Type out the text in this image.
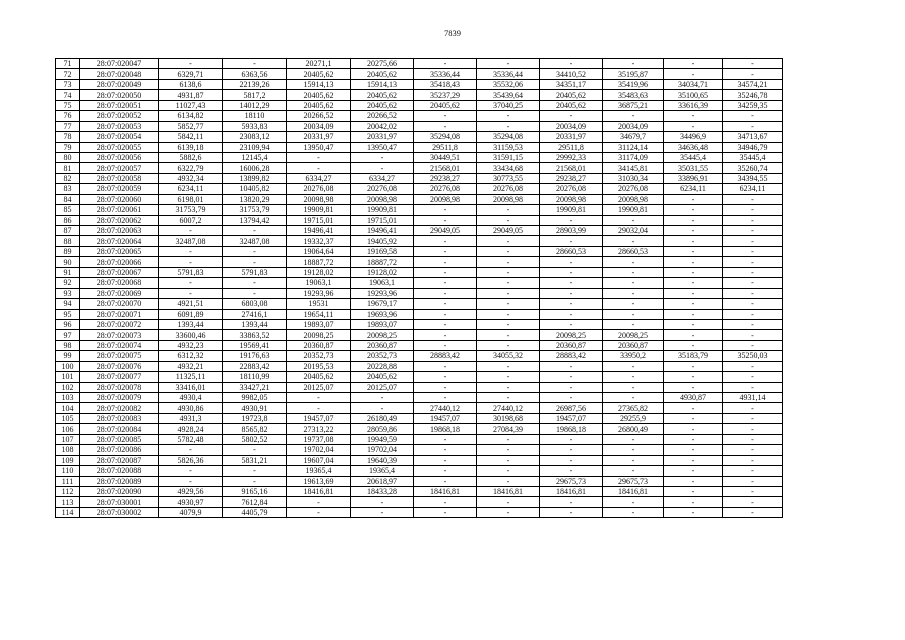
7839
71	28:07:020047	-	-	20271,1	20275,66	-	-	-	-	-	-
72	28:07:020048	6329,71	6363,56	20405,62	20405,62	35336,44	35336,44	34410,52	35195,87	-	-
73	28:07:020049	6138,6	22139,26	15914,13	15914,13	35418,43	35532,06	34351,17	35419,96	34034,71	34574,21
74	28:07:020050	4931,87	5817,2	20405,62	20405,62	35237,29	35439,64	20405,62	35483,63	35100,65	35246,78
75	28:07:020051	11027,43	14012,29	20405,62	20405,62	20405,62	37040,25	20405,62	36875,21	33616,39	34259,35
76	28:07:020052	6134,82	18110	20266,52	20266,52	-	-	-	-	-	-
77	28:07:020053	5852,77	5933,83	20034,09	20042,02	-	-	20034,09	20034,09	-	-
78	28:07:020054	5842,11	23083,12	20331,97	20331,97	35294,08	35294,08	20331,97	34679,7	34496,9	34713,67
79	28:07:020055	6139,18	23109,94	13950,47	13950,47	29511,8	31159,53	29511,8	31124,14	34636,48	34946,79
80	28:07:020056	5882,6	12145,4	-	-	30449,51	31591,15	29992,33	31174,09	35445,4	35445,4
81	28:07:020057	6322,79	16006,28	-	-	21568,01	33434,68	21568,01	34145,81	35031,55	35260,74
82	28:07:020058	4932,34	13899,82	6334,27	6334,27	29238,27	30773,55	29238,27	31030,34	33896,91	34394,55
83	28:07:020059	6234,11	10405,82	20276,08	20276,08	20276,08	20276,08	20276,08	20276,08	6234,11	6234,11
84	28:07:020060	6198,01	13820,29	20098,98	20098,98	20098,98	20098,98	20098,98	20098,98	-	-
85	28:07:020061	31753,79	31753,79	19909,81	19909,81	-	-	19909,81	19909,81	-	-
86	28:07:020062	6007,2	13794,42	19715,01	19715,01	-	-	-	-	-	-
87	28:07:020063	-	-	19496,41	19496,41	29049,05	29049,05	28903,99	29032,04	-	-
88	28:07:020064	32487,08	32487,08	19332,37	19405,92	-	-	-	-	-	-
89	28:07:020065	-	-	19064,64	19169,58	-	-	28660,53	28660,53	-	-
90	28:07:020066	-	-	18887,72	18887,72	-	-	-	-	-	-
91	28:07:020067	5791,83	5791,83	19128,02	19128,02	-	-	-	-	-	-
92	28:07:020068	-	-	19063,1	19063,1	-	-	-	-	-	-
93	28:07:020069	-	-	19293,96	19293,96	-	-	-	-	-	-
94	28:07:020070	4921,51	6803,08	19531	19679,17	-	-	-	-	-	-
95	28:07:020071	6091,89	27416,1	19654,11	19693,96	-	-	-	-	-	-
96	28:07:020072	1393,44	1393,44	19893,07	19893,07	-	-	-	-	-	-
97	28:07:020073	33600,46	33863,52	20098,25	20098,25	-	-	20098,25	20098,25	-	-
98	28:07:020074	4932,23	19569,41	20360,87	20360,87	-	-	20360,87	20360,87	-	-
99	28:07:020075	6312,32	19176,63	20352,73	20352,73	28883,42	34055,32	28883,42	33950,2	35183,79	35250,03
100	28:07:020076	4932,21	22883,42	20195,53	20228,88	-	-	-	-	-	-
101	28:07:020077	11325,11	18110,99	20405,62	20405,62	-	-	-	-	-	-
102	28:07:020078	33416,01	33427,21	20125,07	20125,07	-	-	-	-	-	-
103	28:07:020079	4930,4	9982,05	-	-	-	-	-	-	4930,87	4931,14
104	28:07:020082	4930,86	4930,91	-	-	27440,12	27440,12	26987,56	27365,82	-	-
105	28:07:020083	4931,3	19723,8	19457,07	26180,49	19457,07	30198,68	19457,07	29255,9	-	-
106	28:07:020084	4928,24	8565,82	27313,22	28059,86	19868,18	27084,39	19868,18	26800,49	-	-
107	28:07:020085	5782,48	5802,52	19737,08	19949,59	-	-	-	-	-	-
108	28:07:020086	-	-	19702,04	19702,04	-	-	-	-	-	-
109	28:07:020087	5826,36	5831,21	19607,04	19640,39	-	-	-	-	-	-
110	28:07:020088	-	-	19365,4	19365,4	-	-	-	-	-	-
111	28:07:020089	-	-	19613,69	20618,97	-	-	29675,73	29675,73	-	-
112	28:07:020090	4929,56	9165,16	18416,81	18433,28	18416,81	18416,81	18416,81	18416,81	-	-
113	28:07:030001	4930,97	7612,84	-	-	-	-	-	-	-	-
114	28:07:030002	4079,9	4405,79	-	-	-	-	-	-	-	-
